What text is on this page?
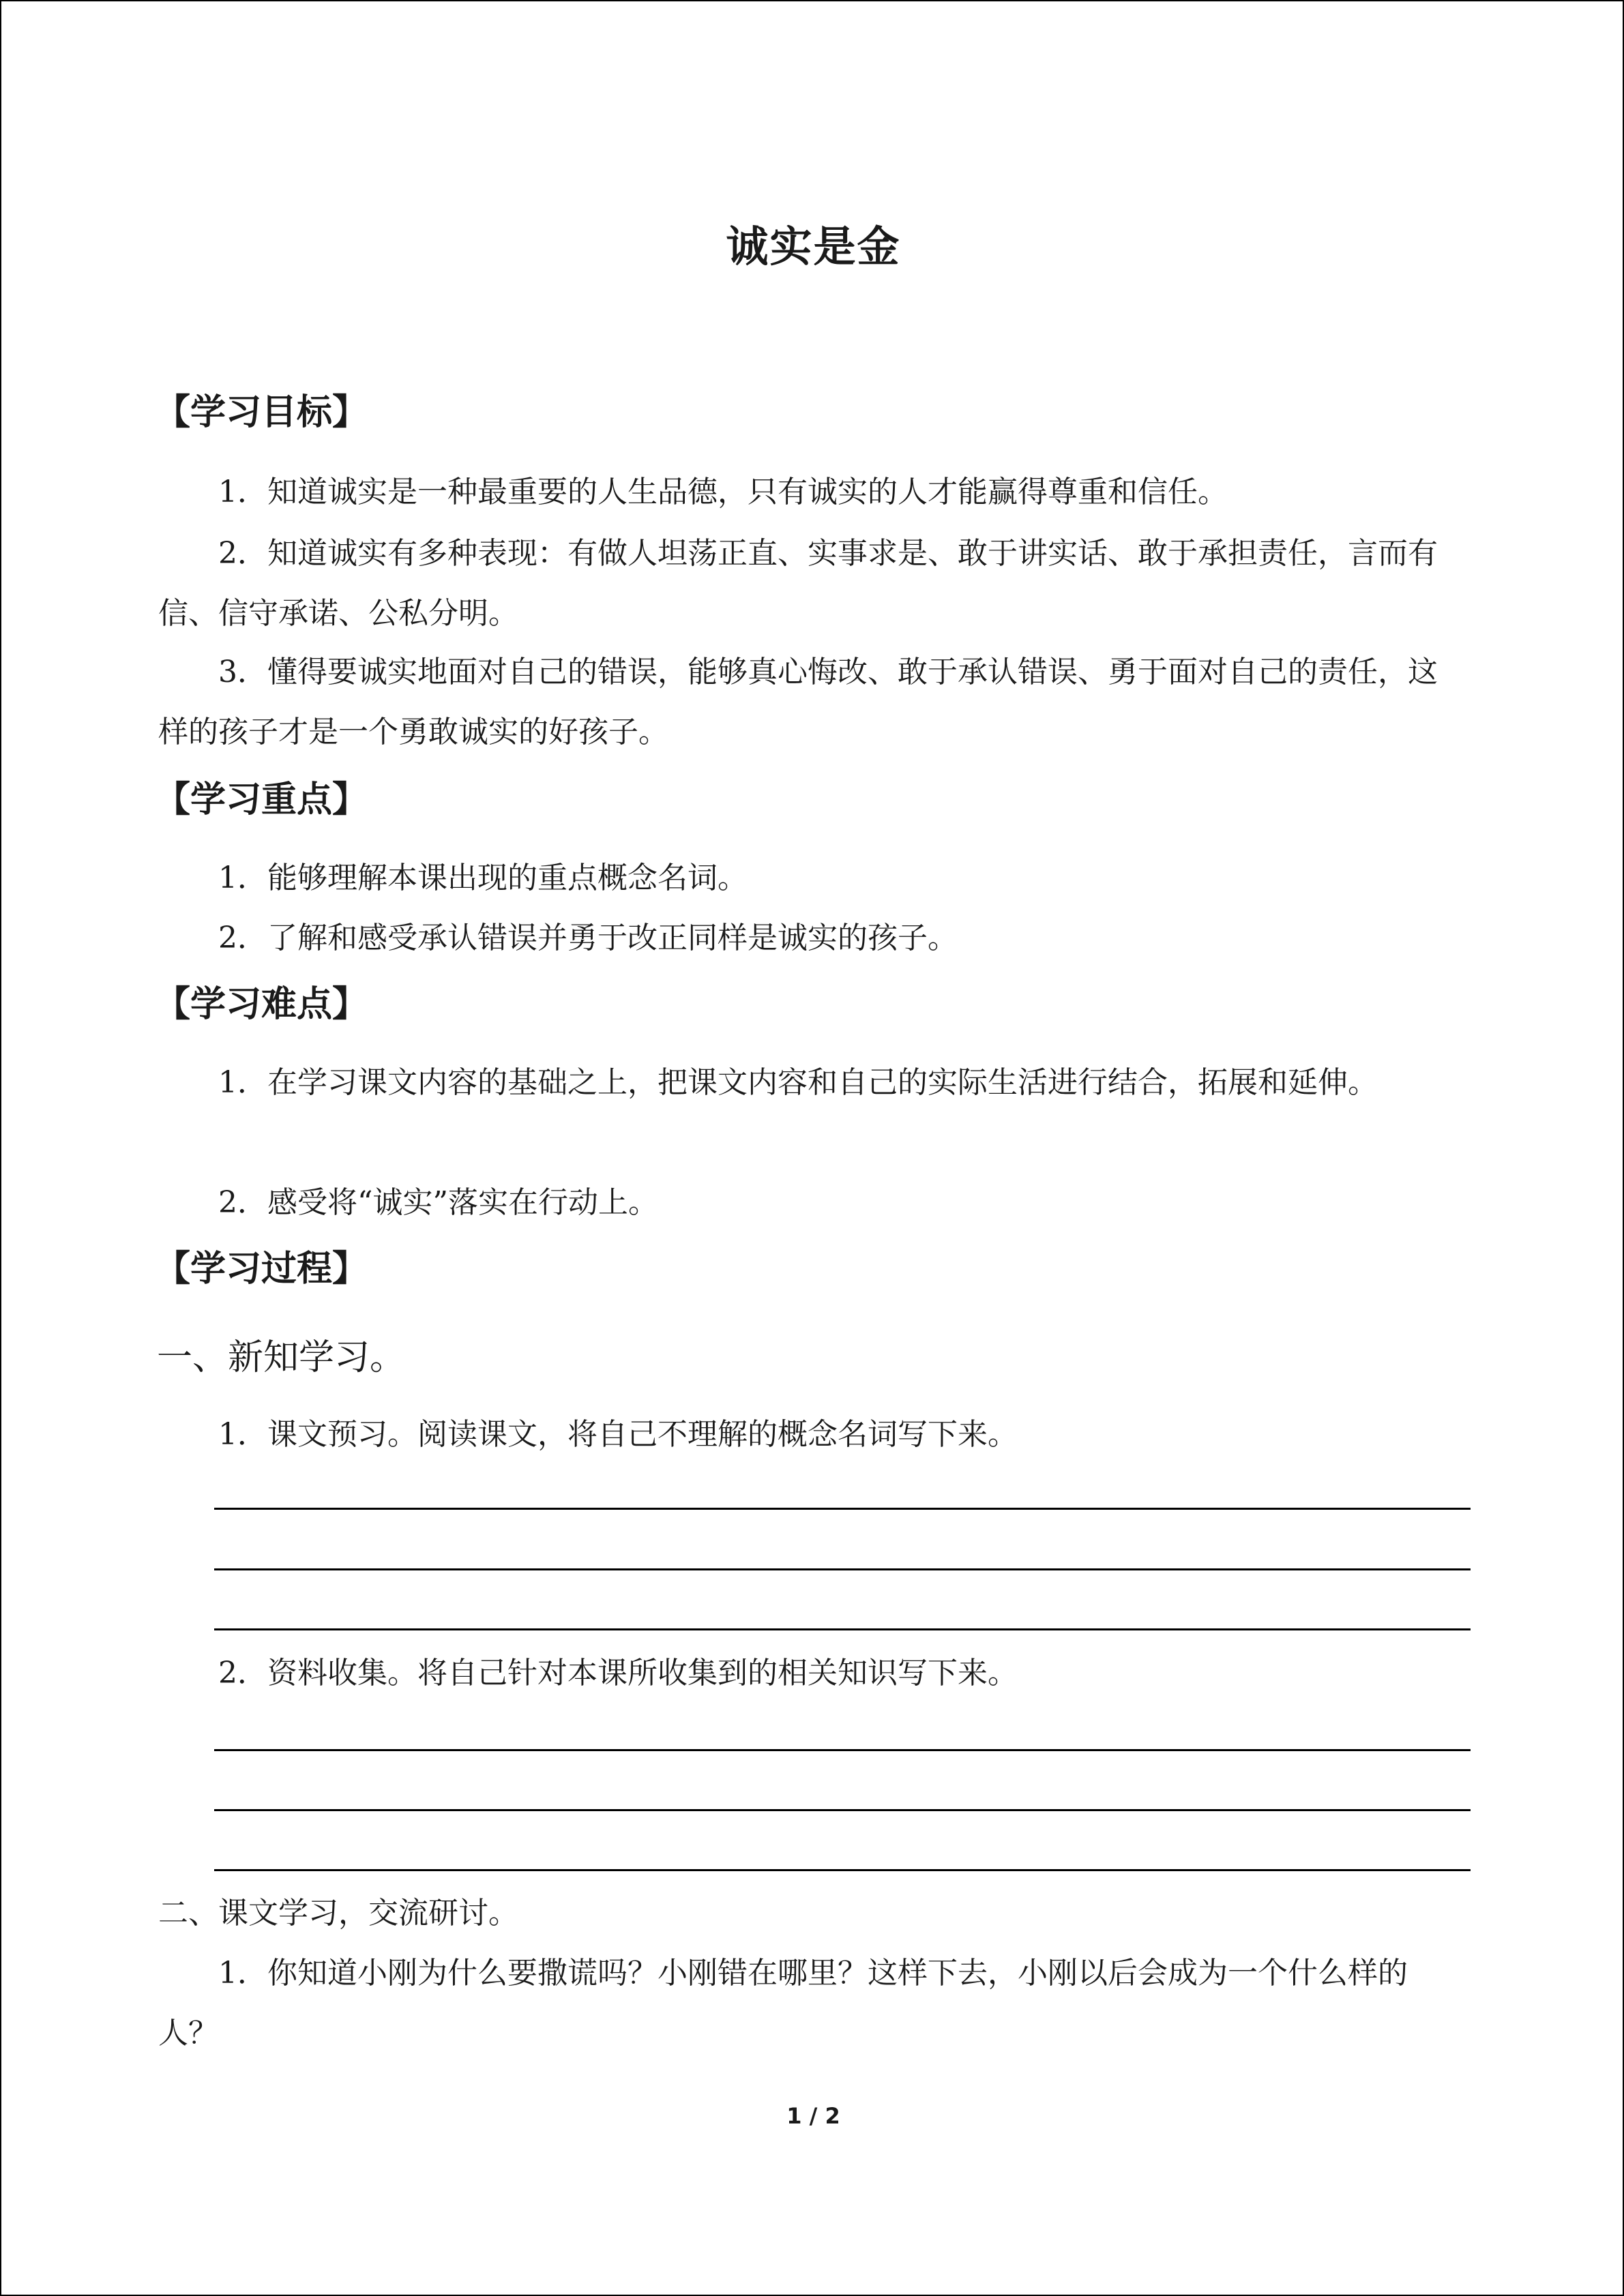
诚实是金
【学习目标】

1．知道诚实是一种最重要的人生品德，只有诚实的人才能赢得尊重和信任。

2．知道诚实有多种表现：有做人坦荡正直、实事求是、敢于讲实话、敢于承担责任，言而有信、信守承诺、公私分明。

3．懂得要诚实地面对自己的错误，能够真心悔改、敢于承认错误、勇于面对自己的责任，这样的孩子才是一个勇敢诚实的好孩子。

【学习重点】

1．能够理解本课出现的重点概念名词。

2．了解和感受承认错误并勇于改正同样是诚实的孩子。

【学习难点】

1．在学习课文内容的基础之上，把课文内容和自己的实际生活进行结合，拓展和延伸。

2．感受将“诚实”落实在行动上。

【学习过程】
一、新知学习。

1．课文预习。阅读课文，将自己不理解的概念名词写下来。

2．资料收集。将自己针对本课所收集到的相关知识写下来。

二、课文学习，交流研讨。

1．你知道小刚为什么要撒谎吗？小刚错在哪里？这样下去，小刚以后会成为一个什么样的人？

1 / 2
